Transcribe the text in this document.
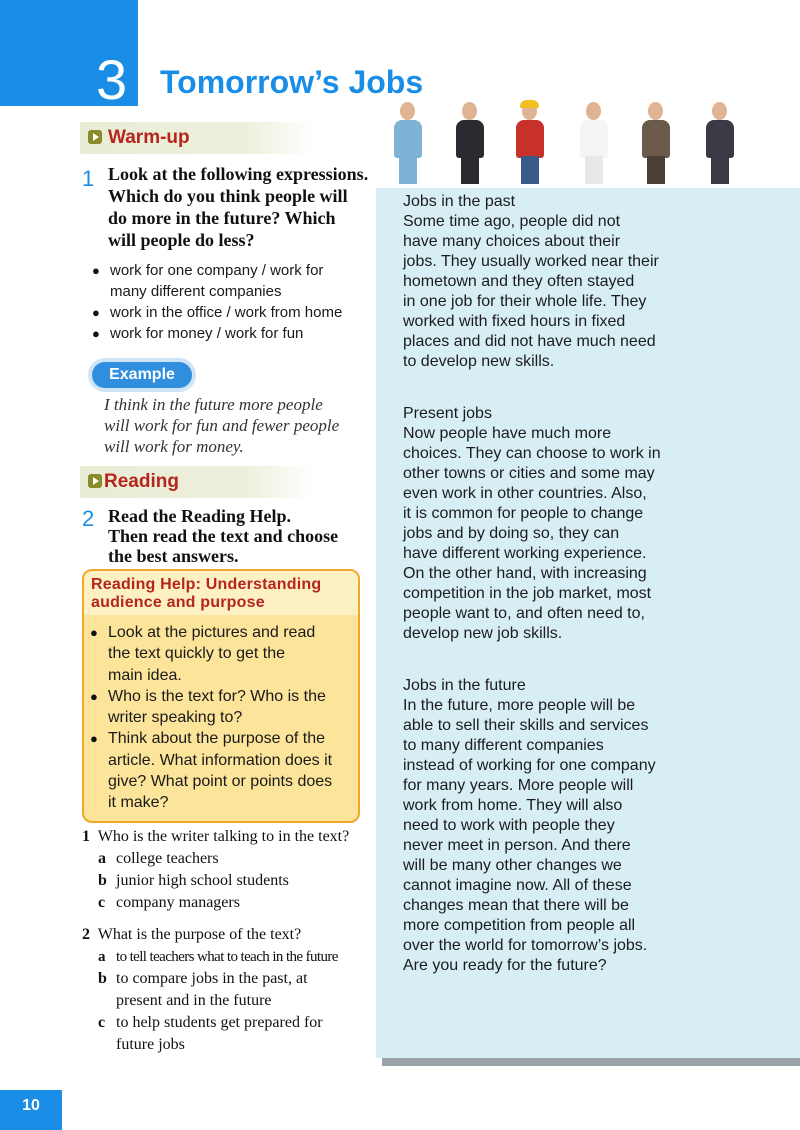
3 Tomorrow’s Jobs
Warm-up
1 Look at the following expressions.
Which do you think people will
do more in the future? Which
will people do less?
● work for one company / work for
many different companies
● work in the office / work from home
● work for money / work for fun
Example
I think in the future more people
will work for fun and fewer people
will work for money.
Reading
2 Read the Reading Help.
Then read the text and choose
the best answers.
Reading Help: Understanding
audience and purpose
● Look at the pictures and read
the text quickly to get the
main idea.
● Who is the text for? Who is the
writer speaking to?
● Think about the purpose of the
article. What information does it
give? What point or points does
it make?
1 Who is the writer talking to in the text?
a college teachers
b junior high school students
c company managers
2 What is the purpose of the text?
a to tell teachers what to teach in the future
b to compare jobs in the past, at
present and in the future
c to help students get prepared for
future jobs

Jobs in the past

Some time ago, people did not

have many choices about their

jobs. They usually worked near their

hometown and they often stayed

in one job for their whole life. They

worked with fixed hours in fixed

places and did not have much need

to develop new skills.

Present jobs

Now people have much more

choices. They can choose to work in

other towns or cities and some may

even work in other countries. Also,

it is common for people to change

jobs and by doing so, they can

have different working experience.

On the other hand, with increasing

competition in the job market, most

people want to, and often need to,

develop new job skills.

Jobs in the future

In the future, more people will be

able to sell their skills and services

to many different companies

instead of working for one company

for many years. More people will

work from home. They will also

need to work with people they

never meet in person. And there

will be many other changes we

cannot imagine now. All of these

changes mean that there will be

more competition from people all

over the world for tomorrow’s jobs.

Are you ready for the future?

10
